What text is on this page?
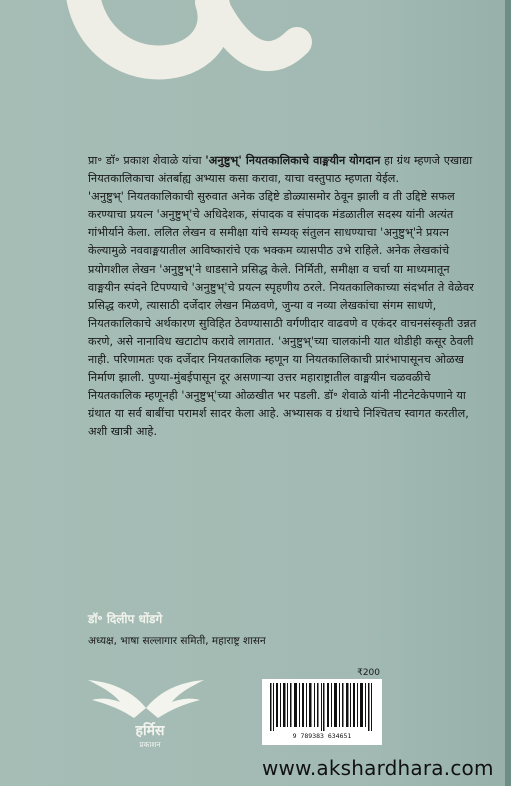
प्रा॰ डॉ॰ प्रकाश शेवाळे यांचा 'अनुष्टुभ्' नियतकालिकाचे वाङ्मयीन योगदान हा ग्रंथ म्हणजे एखाद्या नियतकालिकाचा अंतर्बाह्य अभ्यास कसा करावा, याचा वस्तुपाठ म्हणता येईल.

'अनुष्टुभ्' नियतकालिकाची सुरुवात अनेक उद्दिष्टे डोळ्यासमोर ठेवून झाली व ती उद्दिष्टे सफल करण्याचा प्रयत्न 'अनुष्टुभ्'चे अधिदेशक, संपादक व संपादक मंडळातील सदस्य यांनी अत्यंत गांभीर्याने केला. ललित लेखन व समीक्षा यांचे सम्यक् संतुलन साधण्याचा 'अनुष्टुभ्'ने प्रयत्न केल्यामुळे नववाङ्मयातील आविष्कारांचे एक भक्कम व्यासपीठ उभे राहिले. अनेक लेखकांचे प्रयोगशील लेखन 'अनुष्टुभ्'ने धाडसाने प्रसिद्ध केले. निर्मिती, समीक्षा व चर्चा या माध्यमातून वाङ्मयीन स्पंदने टिपण्याचे 'अनुष्टुभ्'चे प्रयत्न स्पृहणीय ठरले. नियतकालिकाच्या संदर्भात ते वेळेवर प्रसिद्ध करणे, त्यासाठी दर्जेदार लेखन मिळवणे, जुन्या व नव्या लेखकांचा संगम साधणे, नियतकालिकाचे अर्थकारण सुविहित ठेवण्यासाठी वर्गणीदार वाढवणे व एकंदर वाचनसंस्कृती उन्नत करणे, असे नानाविध खटाटोप करावे लागतात. 'अनुष्टुभ्'च्या चालकांनी यात थोडीही कसूर ठेवली नाही. परिणामतः एक दर्जेदार नियतकालिक म्हणून या नियतकालिकाची प्रारंभापासूनच ओळख निर्माण झाली. पुण्या-मुंबईपासून दूर असणाऱ्या उत्तर महाराष्ट्रातील वाङ्मयीन चळवळीचे नियतकालिक म्हणूनही 'अनुष्टुभ्'च्या ओळखीत भर पडली. डॉ॰ शेवाळे यांनी नीटनेटकेपणाने या ग्रंथात या सर्व बाबींचा परामर्श सादर केला आहे. अभ्यासक व ग्रंथाचे निश्चितच स्वागत करतील, अशी खात्री आहे.

डॉ॰ दिलीप धोंडगे
अध्यक्ष, भाषा सल्लागार समिती, महाराष्ट्र शासन
हर्मिस
प्रकाशन
₹200
9 789383 634651
www.akshardhara.com
